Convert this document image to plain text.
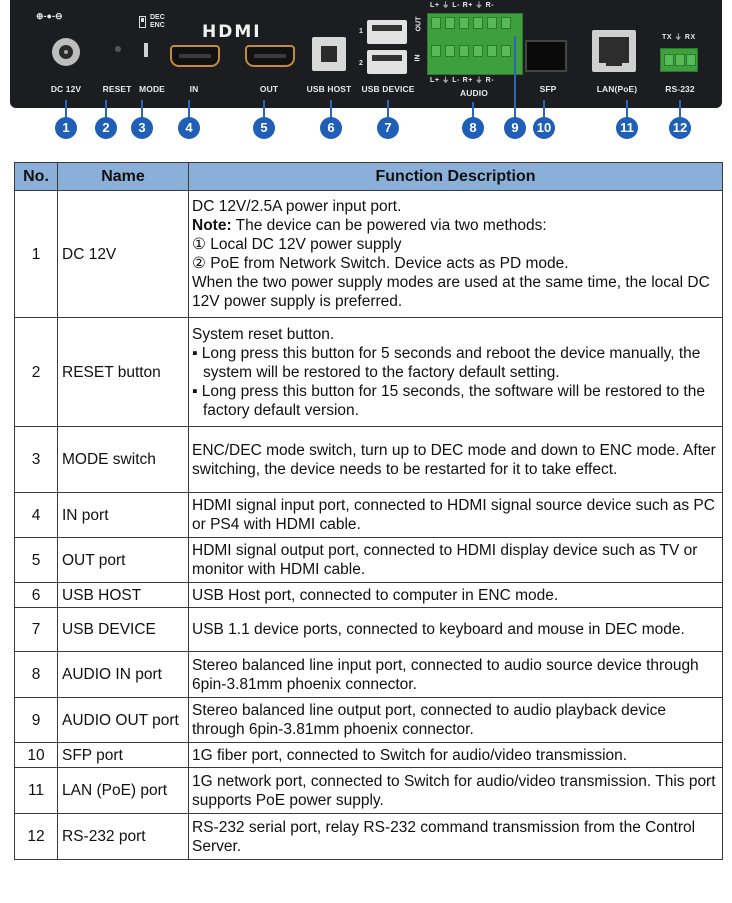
⊕-●-⊖
DC 12V	RESET
DEC
ENC
MODE
HDMI
IN	OUT	USB HOST
1
2
USB DEVICE
OUT
IN
L+ ⏚ L- R+ ⏚ R-
L+ ⏚ L- R+ ⏚ R-
AUDIO	SFP	LAN(PoE)
TX ⏚ RX
RS-232
1	2	3	4	5	6	7	8	9	10	11	12
No.	Name	Function Description
1	DC 12V	DC 12V/2.5A power input port.
Note: The device can be powered via two methods:
① Local DC 12V power supply
② PoE from Network Switch. Device acts as PD mode.
When the two power supply modes are used at the same time, the local DC 12V power supply is preferred.

2	RESET button	System reset button.
▪ Long press this button for 5 seconds and reboot the device manually, the system will be restored to the factory default setting.
▪ Long press this button for 15 seconds, the software will be restored to the factory default version.

3	MODE switch	ENC/DEC mode switch, turn up to DEC mode and down to ENC mode. After switching, the device needs to be restarted for it to take effect.
4	IN port	HDMI signal input port, connected to HDMI signal source device such as PC or PS4 with HDMI cable.
5	OUT port	HDMI signal output port, connected to HDMI display device such as TV or monitor with HDMI cable.
6	USB HOST	USB Host port, connected to computer in ENC mode.
7	USB DEVICE	USB 1.1 device ports, connected to keyboard and mouse in DEC mode.
8	AUDIO IN port	Stereo balanced line input port, connected to audio source device through 6pin-3.81mm phoenix connector.
9	AUDIO OUT port	Stereo balanced line output port, connected to audio playback device through 6pin-3.81mm phoenix connector.
10	SFP port	1G fiber port, connected to Switch for audio/video transmission.
11	LAN (PoE) port	1G network port, connected to Switch for audio/video transmission. This port supports PoE power supply.
12	RS-232 port	RS-232 serial port, relay RS-232 command transmission from the Control Server.
